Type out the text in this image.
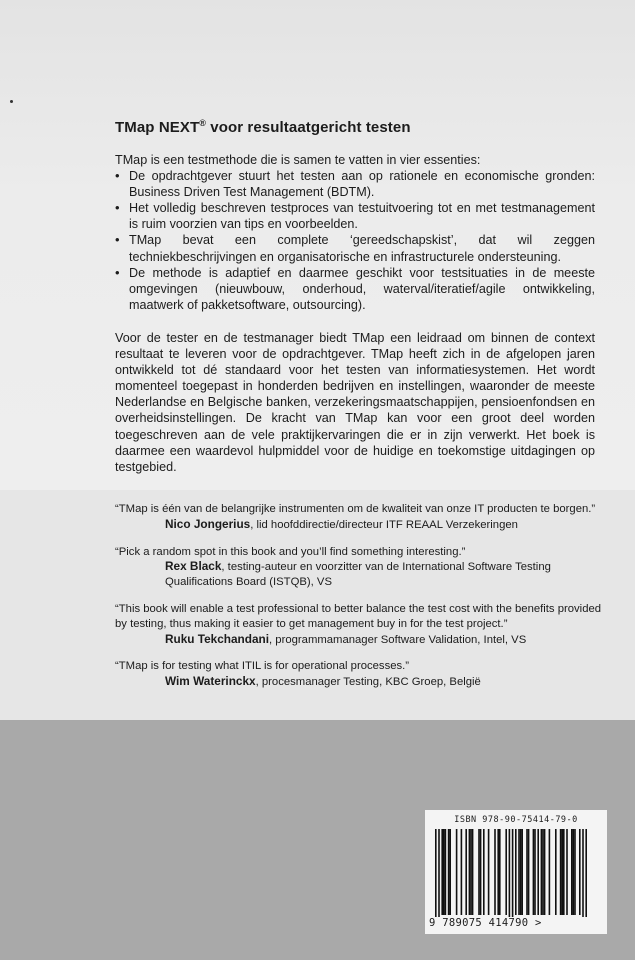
TMap NEXT® voor resultaatgericht testen

TMap is een testmethode die is samen te vatten in vier essenties:

• De opdrachtgever stuurt het testen aan op rationele en economische gronden: Business Driven Test Management (BDTM).
• Het volledig beschreven testproces van testuitvoering tot en met testmanagement is ruim voorzien van tips en voorbeelden.
• TMap bevat een complete ‘gereedschapskist’, dat wil zeggen techniekbeschrijvingen en organisatorische en infrastructurele ondersteuning.
• De methode is adaptief en daarmee geschikt voor testsituaties in de meeste omgevingen (nieuwbouw, onderhoud, waterval/iteratief/agile ontwikkeling, maatwerk of pakketsoftware, outsourcing).

Voor de tester en de testmanager biedt TMap een leidraad om binnen de context resultaat te leveren voor de opdrachtgever. TMap heeft zich in de afgelopen jaren ontwikkeld tot dé standaard voor het testen van informatiesystemen. Het wordt momenteel toegepast in honderden bedrijven en instellingen, waaronder de meeste Nederlandse en Belgische banken, verzekeringsmaatschappijen, pensioenfondsen en overheidsinstellingen. De kracht van TMap kan voor een groot deel worden toegeschreven aan de vele praktijkervaringen die er in zijn verwerkt. Het boek is daarmee een waardevol hulpmiddel voor de huidige en toekomstige uitdagingen op testgebied.

“TMap is één van de belangrijke instrumenten om de kwaliteit van onze IT producten te borgen.”

Nico Jongerius, lid hoofddirectie/directeur ITF REAAL Verzekeringen

“Pick a random spot in this book and you’ll find something interesting.”

Rex Black, testing-auteur en voorzitter van de International Software Testing Qualifications Board (ISTQB), VS

“This book will enable a test professional to better balance the test cost with the benefits provided by testing, thus making it easier to get management buy in for the test project.”

Ruku Tekchandani, programmamanager Software Validation, Intel, VS

“TMap is for testing what ITIL is for operational processes.”

Wim Waterinckx, procesmanager Testing, KBC Groep, België

ISBN 978-90-75414-79-0
9 789075 414790 >
